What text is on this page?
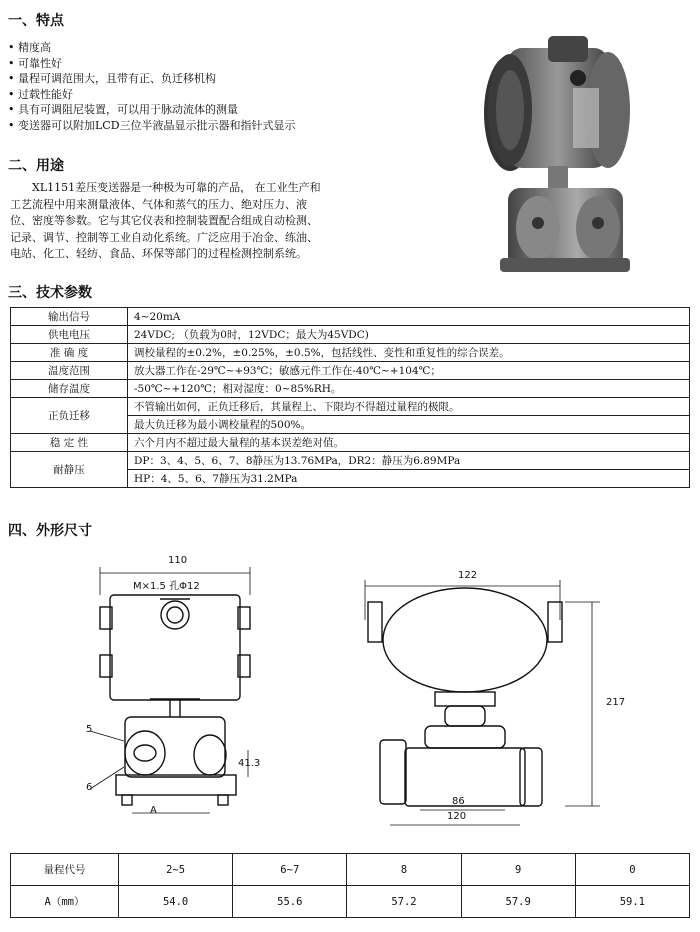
一、特点
二、用途
三、技术参数
四、外形尺寸
• 精度高
• 可靠性好
• 量程可调范围大，且带有正、负迁移机构
• 过载性能好
• 具有可调阻尼装置，可以用于脉动流体的测量
• 变送器可以附加LCD三位半液晶显示批示器和指针式显示
　　XL1151差压变送器是一种极为可靠的产品， 在工业生产和
工艺流程中用来测量液体、气体和蒸气的压力、绝对压力、液
位、密度等参数。它与其它仪表和控制装置配合组成自动检测、
记录、调节、控制等工业自动化系统。广泛应用于冶金、练油、
电站、化工、轻纺、食品、环保等部门的过程检测控制系统。
输出信号	4~20mA
供电电压	24VDC; （负载为0时，12VDC；最大为45VDC)
准 确 度	调校量程的±0.2%，±0.25%，±0.5%，包括线性、变性和重复性的综合误差。
温度范围	放大器工作在-29℃~+93℃；敏感元件工作在-40℃~+104℃；
储存温度	-50℃~+120℃；相对湿度：0~85%RH。
正负迁移	不管输出如何，正负迁移后，其量程上、下限均不得超过量程的极限。
	最大负迁移为最小调校量程的500%。
稳 定 性	六个月内不超过最大量程的基本误差绝对值。
耐静压	DP：3、4、5、6、7、8静压为13.76MPa，DR2：静压为6.89MPa
	HP：4、5、6、7静压为31.2MPa
110
M×1.5 孔Φ12
5
6
A
41.3
122
217
86
120
量程代号	2~5	6~7	8	9	0
A（mm）	54.0	55.6	57.2	57.9	59.1
